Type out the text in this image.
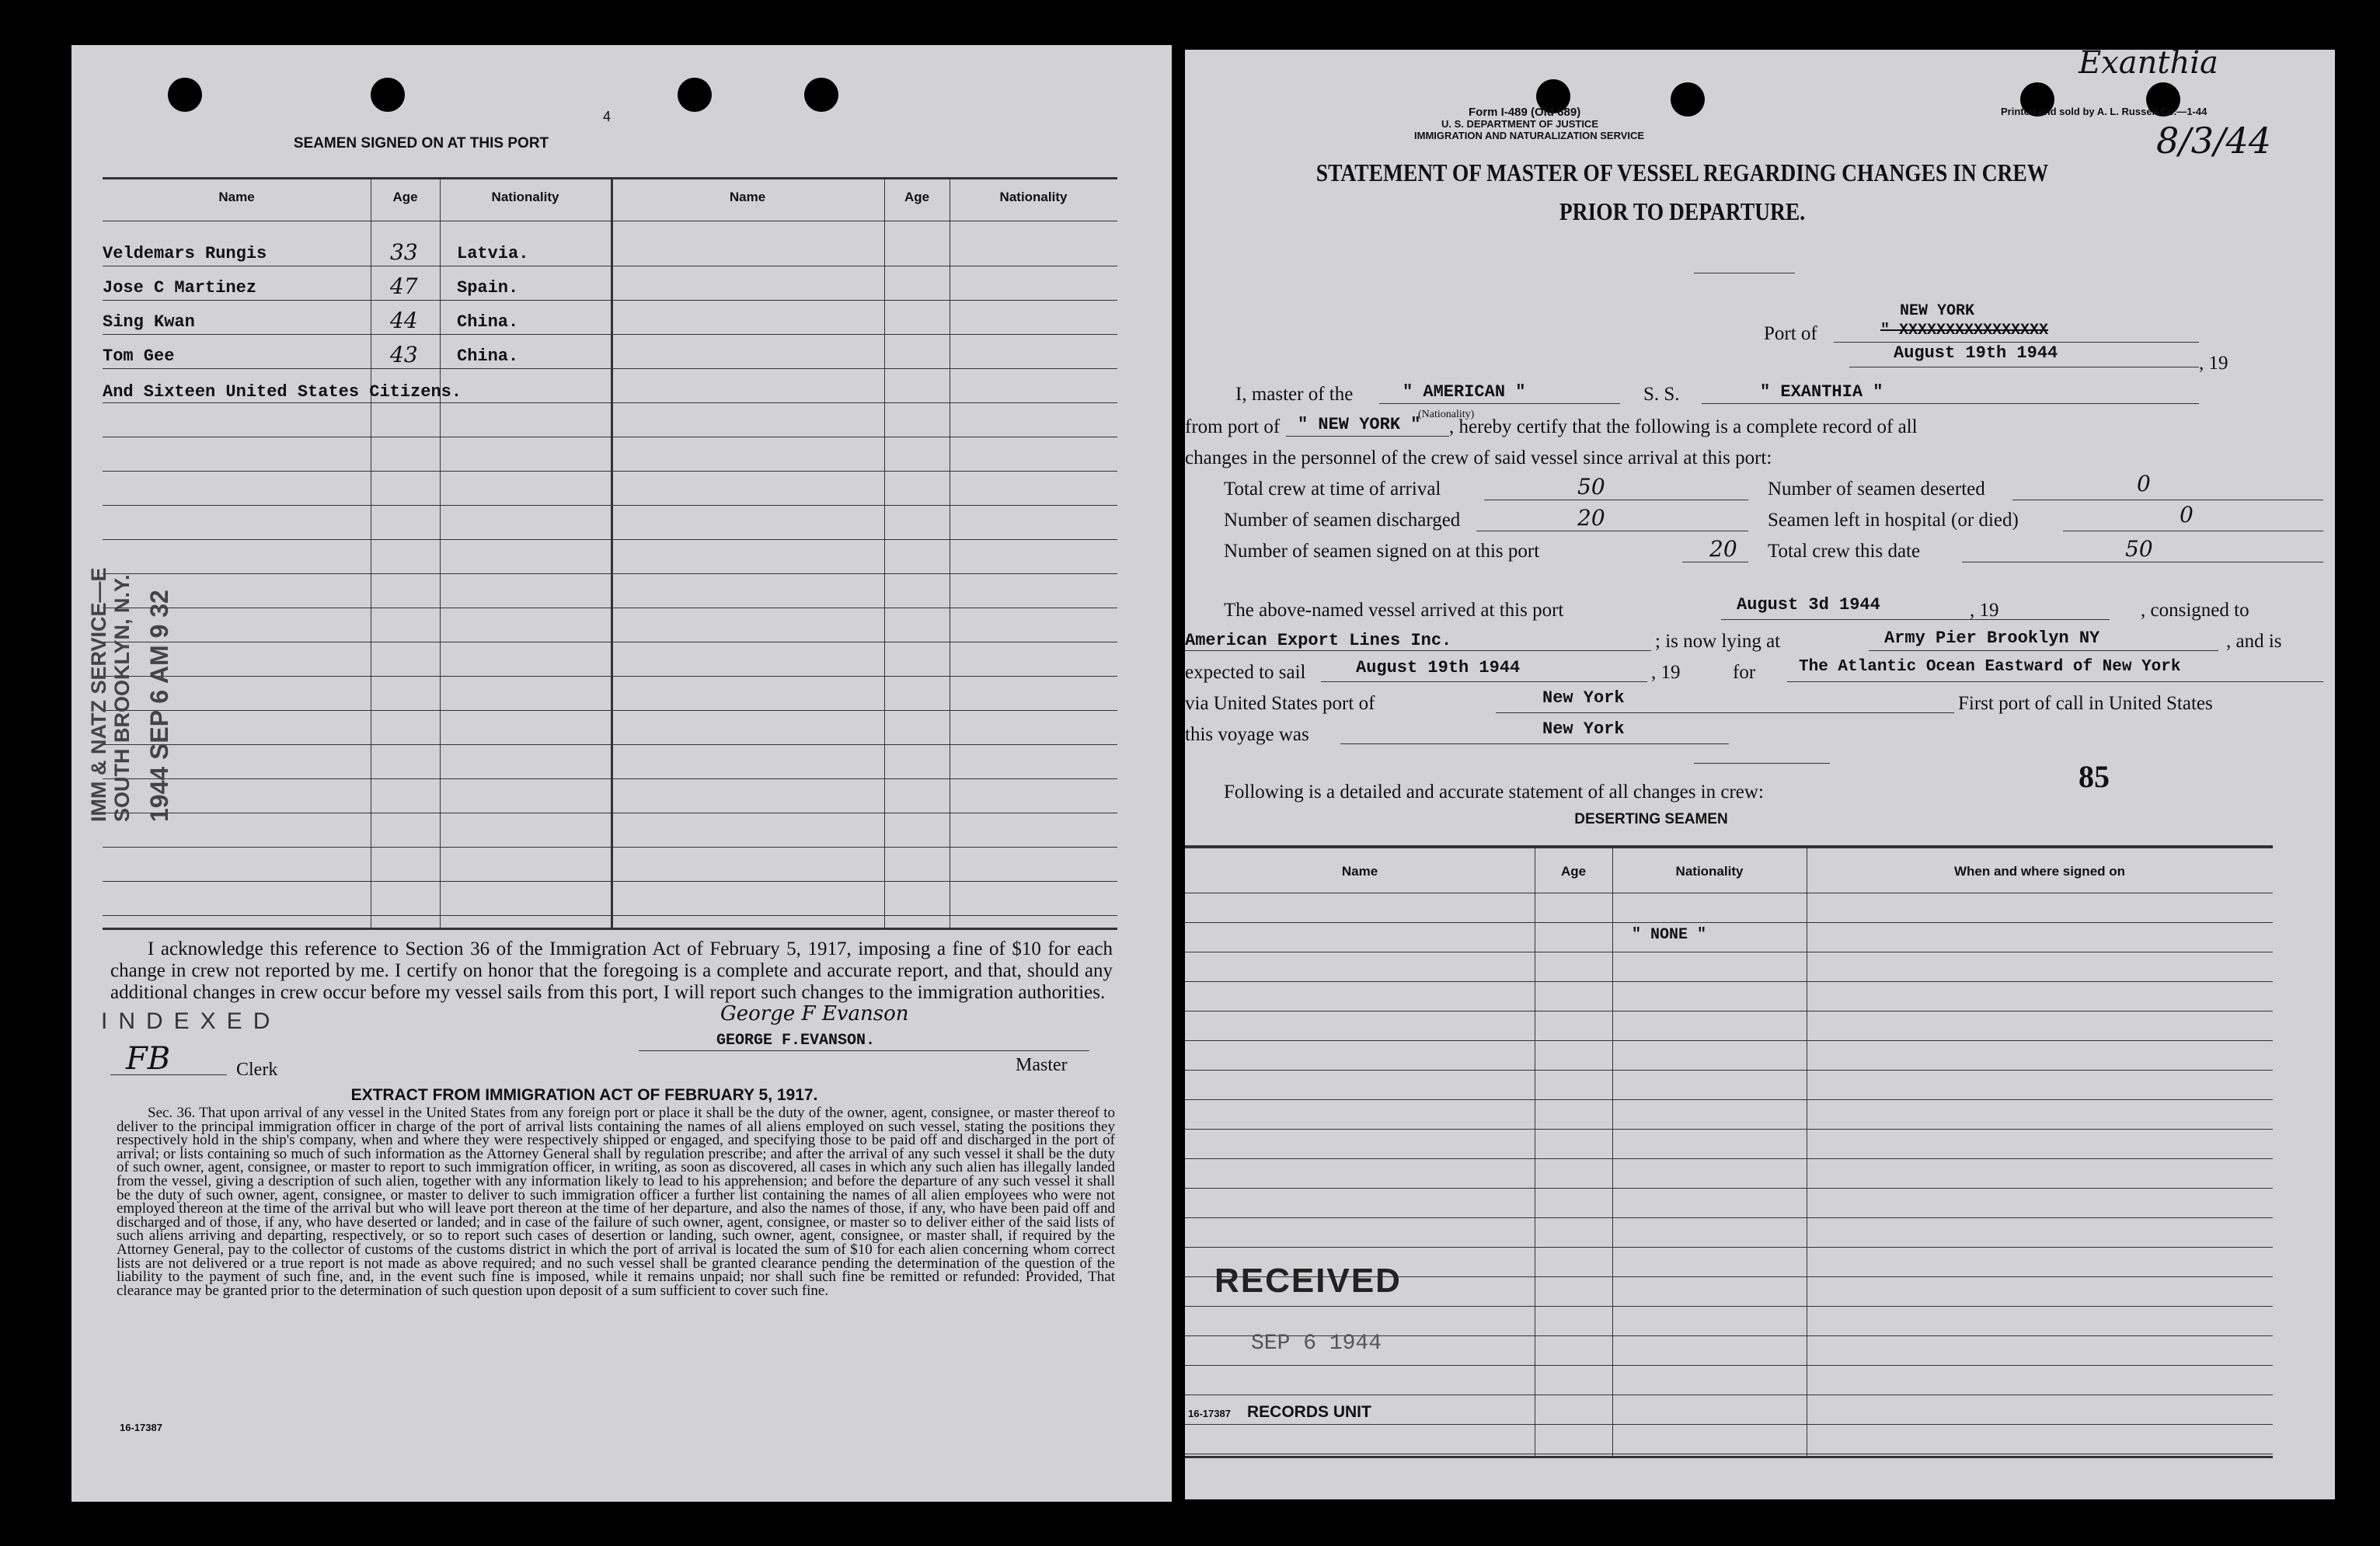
4
SEAMEN SIGNED ON AT THIS PORT
Name	Age	Nationality	Name	Age	Nationality
Veldemars Rungis	33 Latvia.
Jose C Martinez	47 Spain.
Sing Kwan	44 China.
Tom Gee	43 China.
And Sixteen United States Citizens.
IMM & NATZ SERVICE—E SOUTH BROOKLYN, N.Y. 1944 SEP 6 AM 9 32
I acknowledge this reference to Section 36 of the Immigration Act of February 5, 1917, imposing a fine of $10 for each change in crew not reported by me. I certify on honor that the foregoing is a complete and accurate report, and that, should any additional changes in crew occur before my vessel sails from this port, I will report such changes to the immigration authorities.
INDEXED
FB	Clerk
George F Evanson
GEORGE F.EVANSON.
Master
EXTRACT FROM IMMIGRATION ACT OF FEBRUARY 5, 1917.
Sec. 36. That upon arrival of any vessel in the United States from any foreign port or place it shall be the duty of the owner, agent, consignee, or master thereof to deliver to the principal immigration officer in charge of the port of arrival lists containing the names of all aliens employed on such vessel, stating the positions they respectively hold in the ship's company, when and where they were respectively shipped or engaged, and specifying those to be paid off and discharged in the port of arrival; or lists containing so much of such information as the Attorney General shall by regulation prescribe; and after the arrival of any such vessel it shall be the duty of such owner, agent, consignee, or master to report to such immigration officer, in writing, as soon as discovered, all cases in which any such alien has illegally landed from the vessel, giving a description of such alien, together with any information likely to lead to his apprehension; and before the departure of any such vessel it shall be the duty of such owner, agent, consignee, or master to deliver to such immigration officer a further list containing the names of all alien employees who were not employed thereon at the time of the arrival but who will leave port thereon at the time of her departure, and also the names of those, if any, who have been paid off and discharged and of those, if any, who have deserted or landed; and in case of the failure of such owner, agent, consignee, or master so to deliver either of the said lists of such aliens arriving and departing, respectively, or so to report such cases of desertion or landing, such owner, agent, consignee, or master shall, if required by the Attorney General, pay to the collector of customs of the customs district in which the port of arrival is located the sum of $10 for each alien concerning whom correct lists are not delivered or a true report is not made as above required; and no such vessel shall be granted clearance pending the determination of the question of the liability to the payment of such fine, and, in the event such fine is imposed, while it remains unpaid; nor shall such fine be remitted or refunded: Provided, That clearance may be granted prior to the determination of such question upon deposit of a sum sufficient to cover such fine.
16-17387
Form I-489 (Old 689)
U. S. DEPARTMENT OF JUSTICE
IMMIGRATION AND NATURALIZATION SERVICE
Printed and sold by A. L. Russell Co.—1-44
Exanthia
8/3/44
STATEMENT OF MASTER OF VESSEL REGARDING CHANGES IN CREW
PRIOR TO DEPARTURE.
Port of
NEW YORK
" XXXXXXXXXXXXXXXX
August 19th 1944	, 19
I, master of the	" AMERICAN "	S. S.	" EXANTHIA "
from port of " NEW YORK "
(Nationality)
, hereby certify that the following is a complete record of all
changes in the personnel of the crew of said vessel since arrival at this port:
Total crew at time of arrival	50
Number of seamen discharged	20
Number of seamen signed on at this port	20
Number of seamen deserted	0
Seamen left in hospital (or died)	0
Total crew this date	50
The above-named vessel arrived at this port	August 3d 1944	, 19	, consigned to
American Export Lines Inc.	; is now lying at	Army Pier Brooklyn NY	, and is
expected to sail	August 19th 1944	, 19	for	The Atlantic Ocean Eastward of New York
via United States port of	New York	First port of call in United States
this voyage was	New York
Following is a detailed and accurate statement of all changes in crew:	85
DESERTING SEAMEN
Name	Age	Nationality	When and where signed on
" NONE "
RECEIVED
SEP 6 1944
16-17387 RECORDS UNIT
